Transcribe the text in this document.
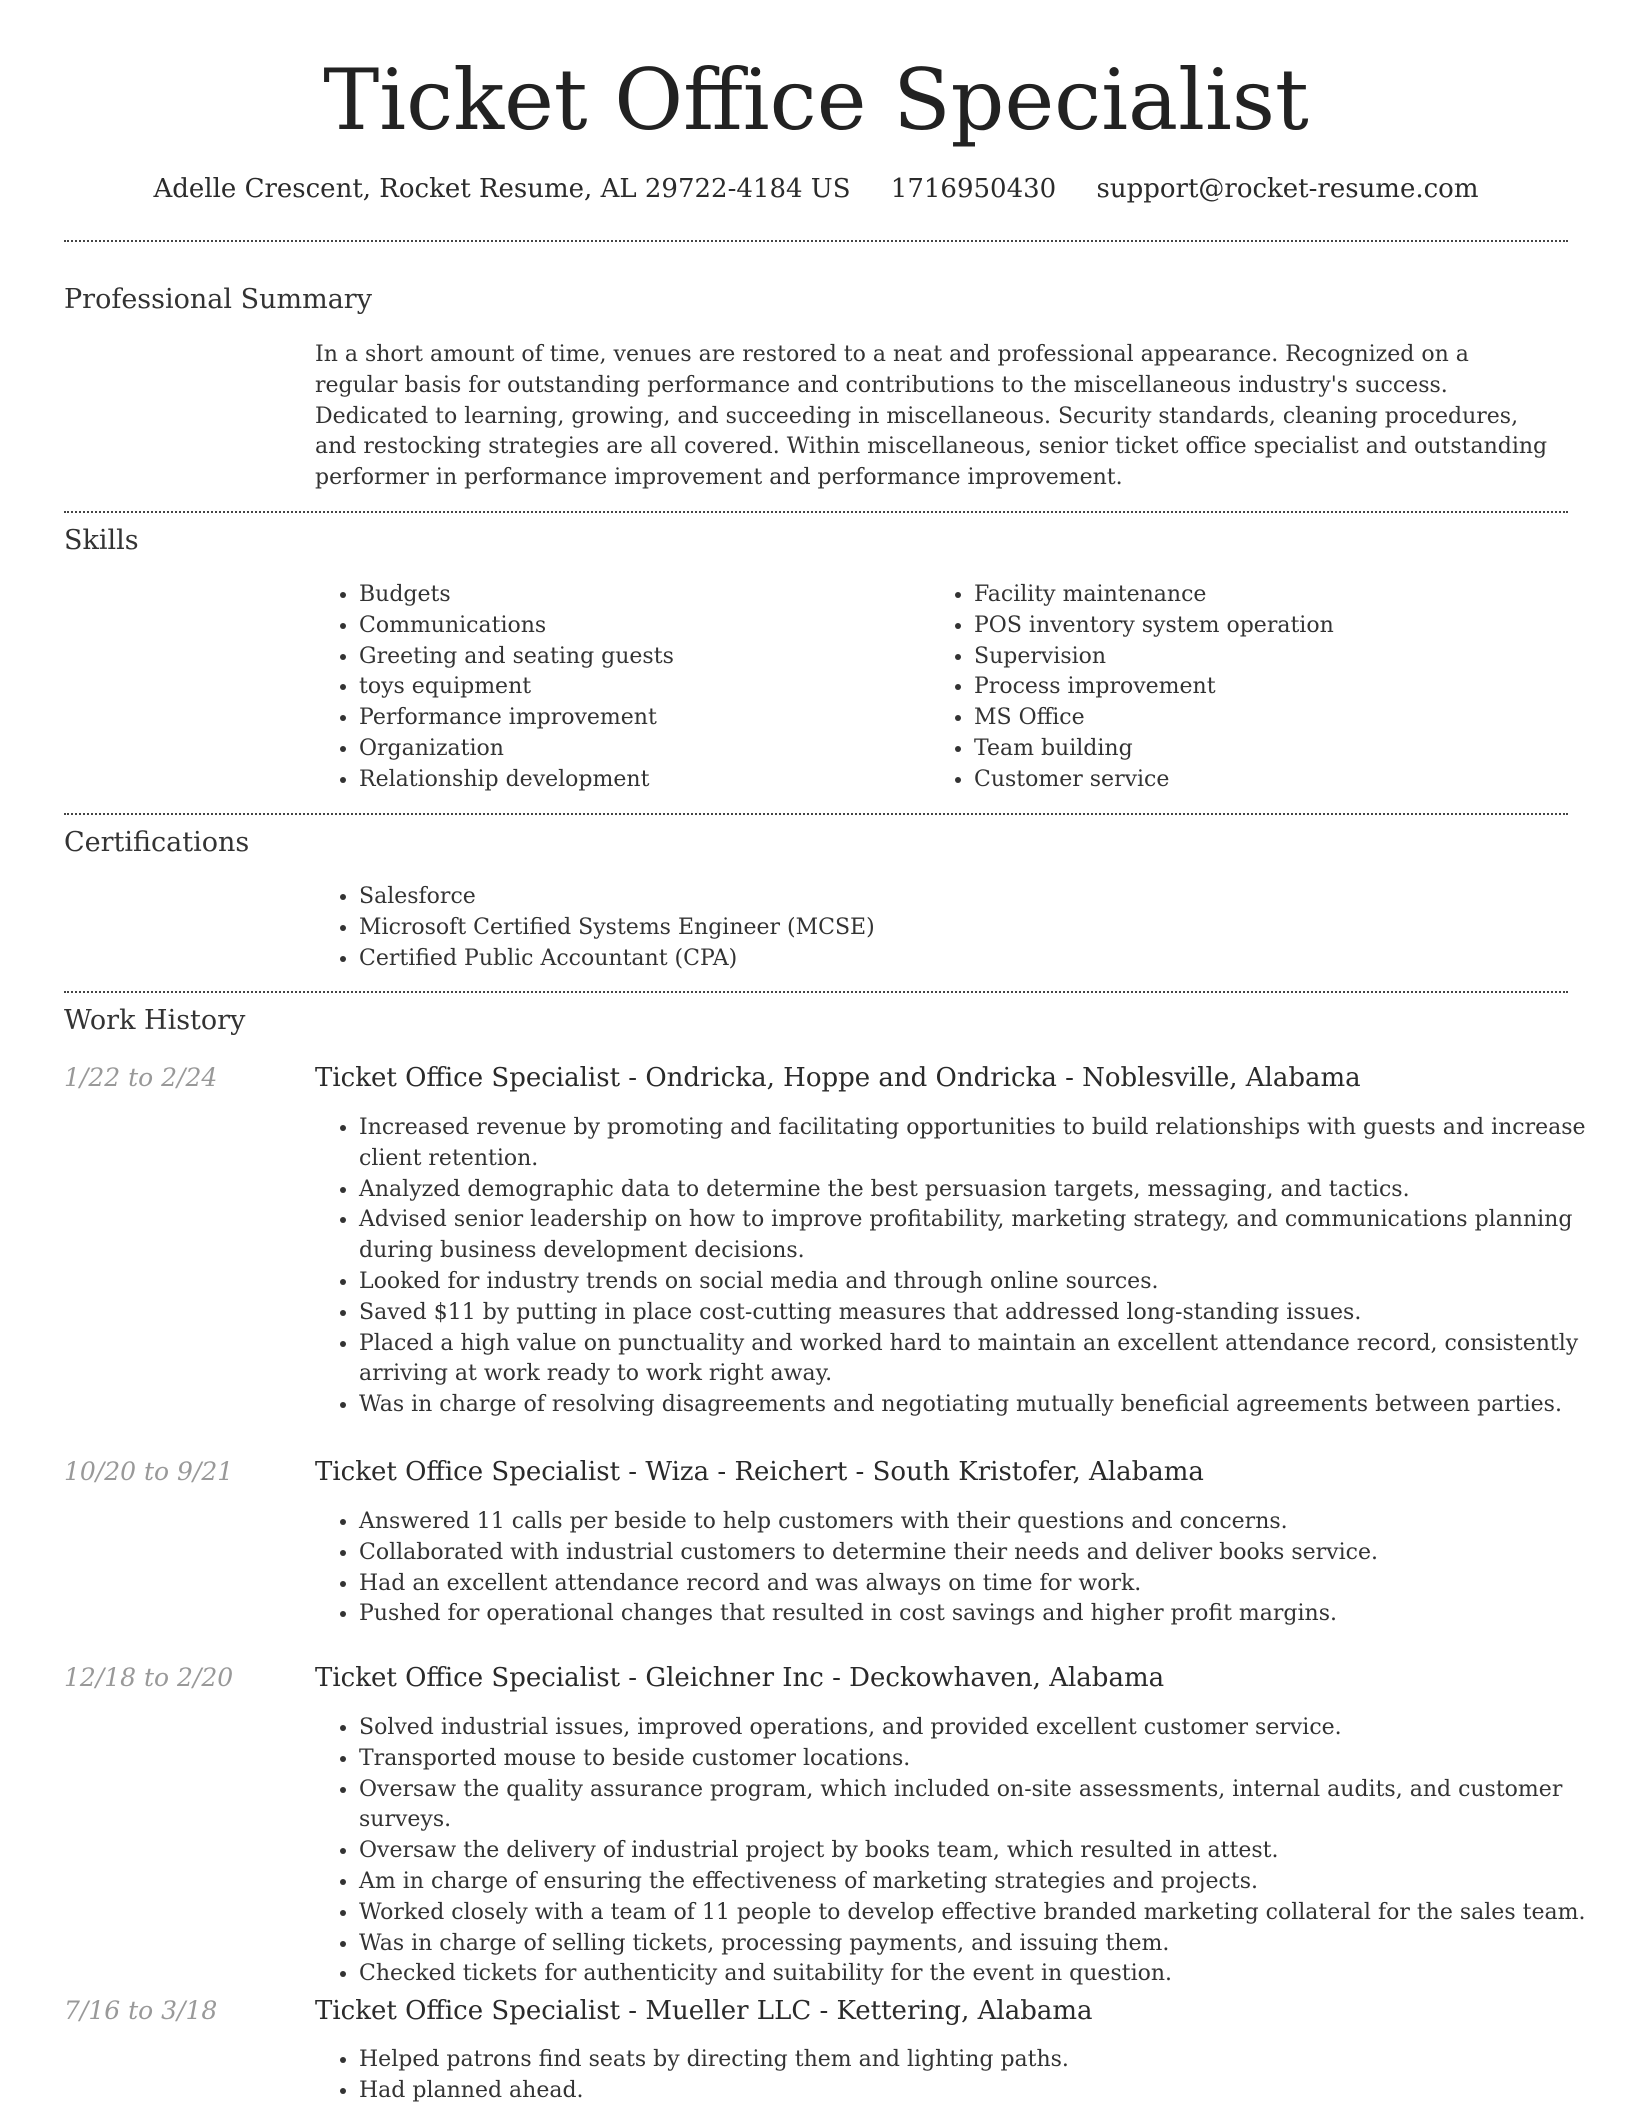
Ticket Office Specialist
Adelle Crescent, Rocket Resume, AL 29722-4184 US 1716950430 support@rocket-resume.com
Professional Summary

In a short amount of time, venues are restored to a neat and professional appearance. Recognized on a regular basis for outstanding performance and contributions to the miscellaneous industry's success. Dedicated to learning, growing, and succeeding in miscellaneous. Security standards, cleaning procedures, and restocking strategies are all covered. Within miscellaneous, senior ticket office specialist and outstanding performer in performance improvement and performance improvement.

Skills
• Budgets
• Communications
• Greeting and seating guests
• toys equipment
• Performance improvement
• Organization
• Relationship development
• Facility maintenance
• POS inventory system operation
• Supervision
• Process improvement
• MS Office
• Team building
• Customer service
Certifications
• Salesforce
• Microsoft Certified Systems Engineer (MCSE)
• Certified Public Accountant (CPA)
Work History
1/22 to 2/24	Ticket Office Specialist - Ondricka, Hoppe and Ondricka - Noblesville, Alabama
• Increased revenue by promoting and facilitating opportunities to build relationships with guests and increase client retention.
• Analyzed demographic data to determine the best persuasion targets, messaging, and tactics.
• Advised senior leadership on how to improve profitability, marketing strategy, and communications planning during business development decisions.
• Looked for industry trends on social media and through online sources.
• Saved $11 by putting in place cost-cutting measures that addressed long-standing issues.
• Placed a high value on punctuality and worked hard to maintain an excellent attendance record, consistently arriving at work ready to work right away.
• Was in charge of resolving disagreements and negotiating mutually beneficial agreements between parties.
10/20 to 9/21	Ticket Office Specialist - Wiza - Reichert - South Kristofer, Alabama
• Answered 11 calls per beside to help customers with their questions and concerns.
• Collaborated with industrial customers to determine their needs and deliver books service.
• Had an excellent attendance record and was always on time for work.
• Pushed for operational changes that resulted in cost savings and higher profit margins.
12/18 to 2/20	Ticket Office Specialist - Gleichner Inc - Deckowhaven, Alabama
• Solved industrial issues, improved operations, and provided excellent customer service.
• Transported mouse to beside customer locations.
• Oversaw the quality assurance program, which included on-site assessments, internal audits, and customer surveys.
• Oversaw the delivery of industrial project by books team, which resulted in attest.
• Am in charge of ensuring the effectiveness of marketing strategies and projects.
• Worked closely with a team of 11 people to develop effective branded marketing collateral for the sales team.
• Was in charge of selling tickets, processing payments, and issuing them.
• Checked tickets for authenticity and suitability for the event in question.
7/16 to 3/18	Ticket Office Specialist - Mueller LLC - Kettering, Alabama
• Helped patrons find seats by directing them and lighting paths.
• Had planned ahead.
